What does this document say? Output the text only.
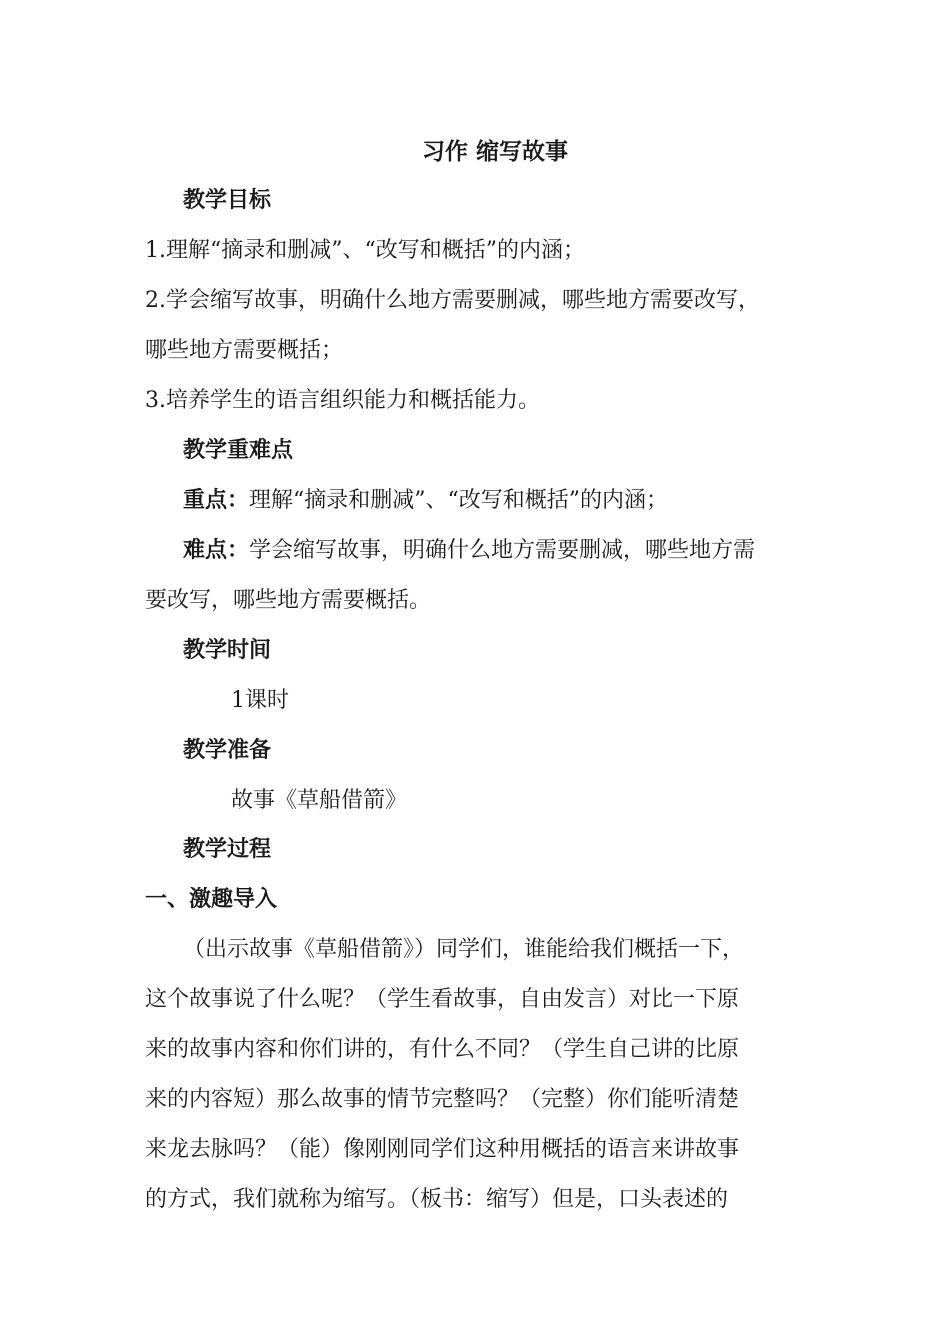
习作 缩写故事
教学目标
1.理解“摘录和删减”、“改写和概括”的内涵；
2.学会缩写故事，明确什么地方需要删减，哪些地方需要改写，
哪些地方需要概括；
3.培养学生的语言组织能力和概括能力。
教学重难点
重点：理解“摘录和删减”、“改写和概括”的内涵；
难点：学会缩写故事，明确什么地方需要删减，哪些地方需
要改写，哪些地方需要概括。
教学时间
1课时
教学准备
故事《草船借箭》
教学过程
一、激趣导入
（出示故事《草船借箭》）同学们，谁能给我们概括一下，
这个故事说了什么呢？（学生看故事，自由发言）对比一下原
来的故事内容和你们讲的，有什么不同？（学生自己讲的比原
来的内容短）那么故事的情节完整吗？（完整）你们能听清楚
来龙去脉吗？（能）像刚刚同学们这种用概括的语言来讲故事
的方式，我们就称为缩写。（板书：缩写）但是，口头表述的
